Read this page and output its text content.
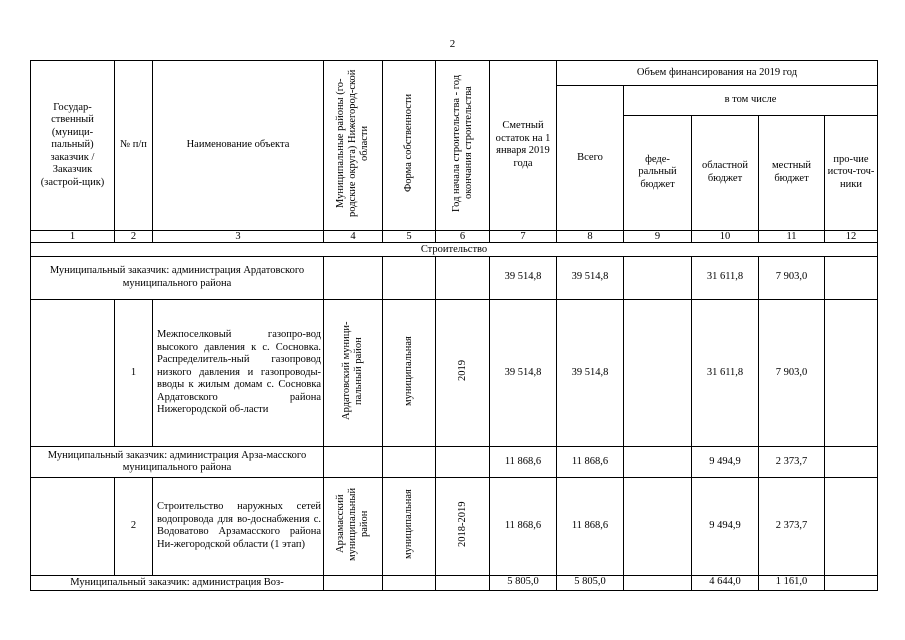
2
Государ-ственный (муници-пальный) заказчик / Заказчик (застрой-щик)	№ п/п	Наименование объекта	Муниципальные районы (го-родские округа) Нижегород-ской области	Форма собственности	Год начала строительства - год окончания строительства	Сметный остаток на 1 января 2019 года	Объем финансирования на 2019 год				
							Всего	в том числе			
								феде-ральный бюджет	областной бюджет	местный бюджет	про-чие источ-точ-ники
1	2	3	4	5	6	7	8	9	10	11	12
Строительство											
Муниципальный заказчик: администрация Ардатовского муниципального района						39 514,8	39 514,8		31 611,8	7 903,0	
	1	Межпоселковый газопро-вод высокого давления к с. Сосновка. Распределитель-ный газопровод низкого давления и газопроводы-вводы к жилым домам с. Сосновка Ардатовского района Нижегородской об-ласти	Ардатовский муници-пальный район	муниципальная	2019	39 514,8	39 514,8		31 611,8	7 903,0	
Муниципальный заказчик: администрация Арза-масского муниципального района						11 868,6	11 868,6		9 494,9	2 373,7	
	2	Строительство наружных сетей водопровода для во-доснабжения с. Водоватово Арзамасского района Ни-жегородской области (1 этап)	Арзамасский муниципальный район	муниципальная	2018-2019	11 868,6	11 868,6		9 494,9	2 373,7	
Муниципальный заказчик: администрация Воз-						5 805,0	5 805,0		4 644,0	1 161,0	
